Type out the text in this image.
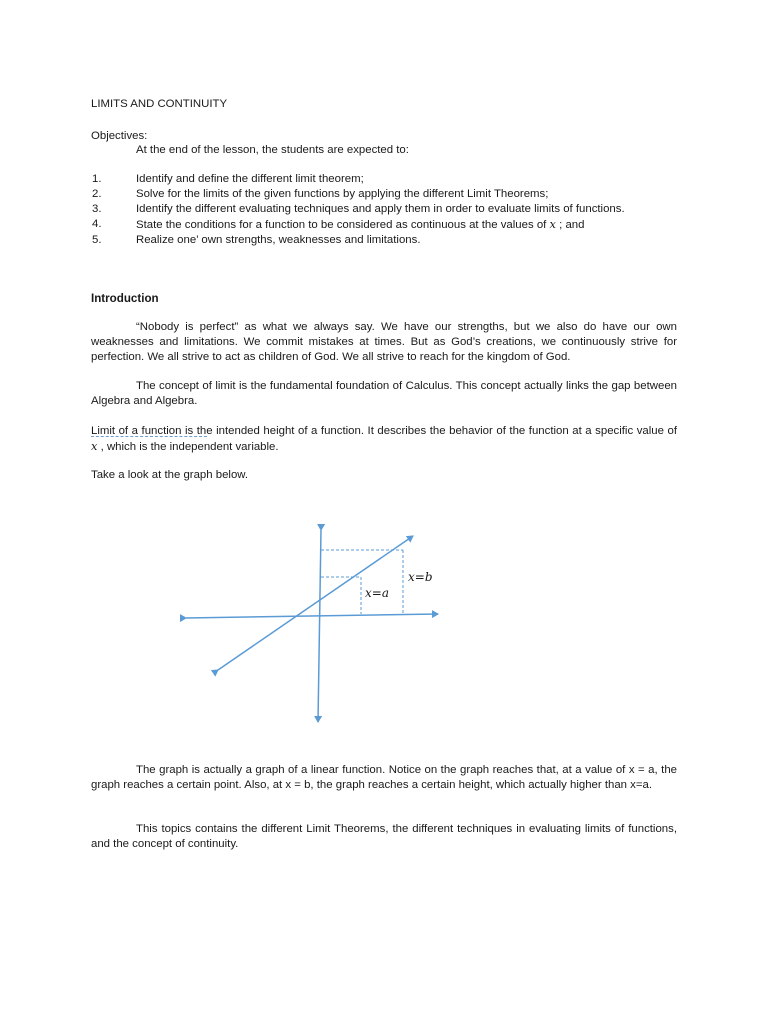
LIMITS AND CONTINUITY
Objectives:
At the end of the lesson, the students are expected to:
1.	Identify and define the different limit theorem;
2.	Solve for the limits of the given functions by applying the different Limit Theorems;
3.	Identify the different evaluating techniques and apply them in order to evaluate limits of functions.
4.	State the conditions for a function to be considered as continuous at the values of x ; and
5.	Realize one’ own strengths, weaknesses and limitations.
Introduction
“Nobody is perfect” as what we always say. We have our strengths, but we also do have our own weaknesses and limitations. We commit mistakes at times. But as God’s creations, we continuously strive for perfection. We all strive to act as children of God. We all strive to reach for the kingdom of God.
The concept of limit is the fundamental foundation of Calculus. This concept actually links the gap between Algebra and Algebra.
Limit of a function is the intended height of a function. It describes the behavior of the function at a specific value of x , which is the independent variable.
Take a look at the graph below.
x=a
x=b
The graph is actually a graph of a linear function. Notice on the graph reaches that, at a value of x = a, the graph reaches a certain point. Also, at x = b, the graph reaches a certain height, which actually higher than x=a.
This topics contains the different Limit Theorems, the different techniques in evaluating limits of functions, and the concept of continuity.
